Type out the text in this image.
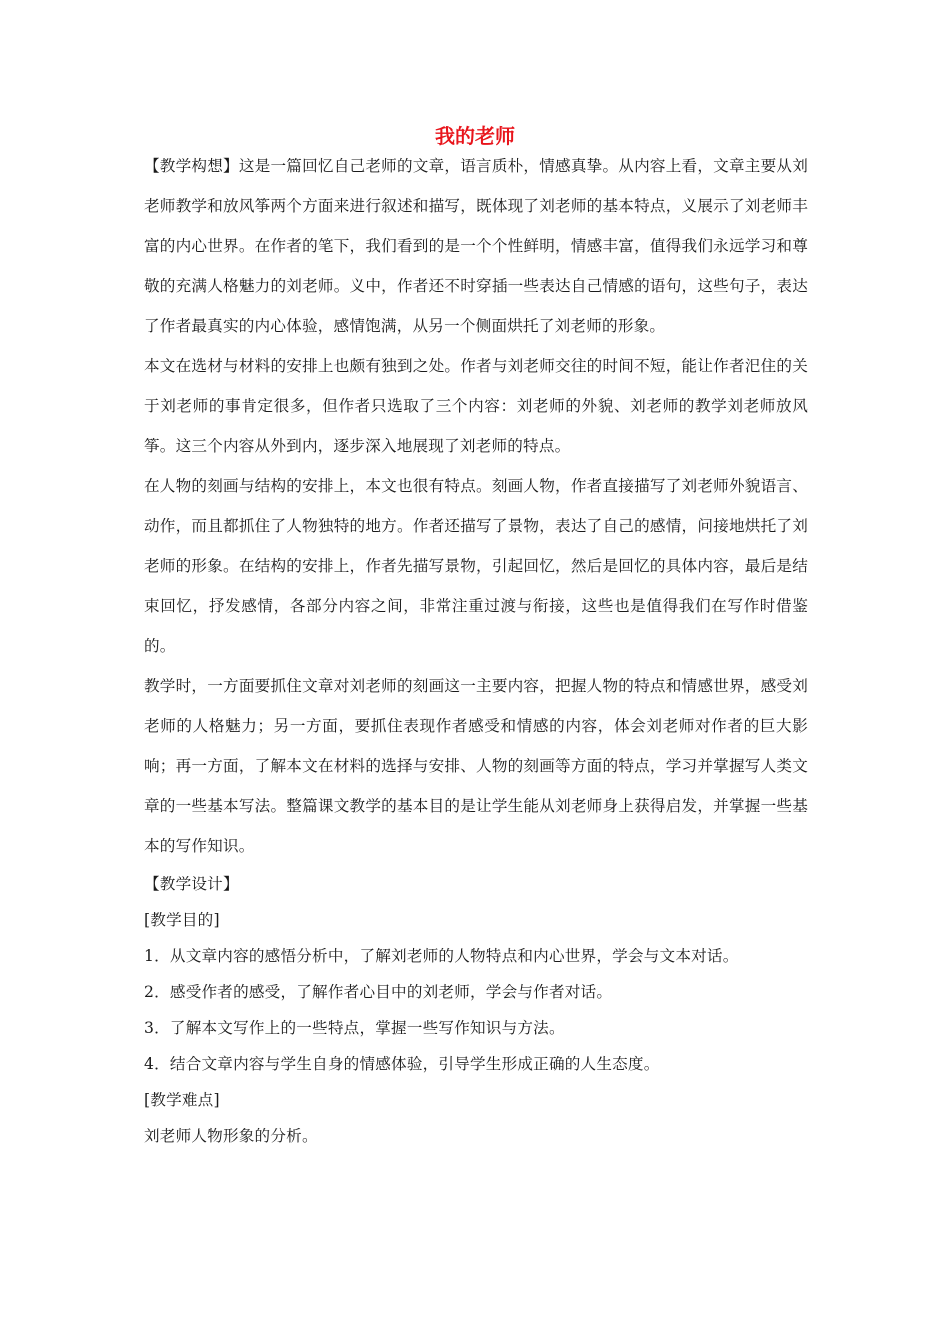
我的老师

【教学构想】这是一篇回忆自己老师的文章，语言质朴，情感真挚。从内容上看，文章主要从刘老师教学和放风筝两个方面来进行叙述和描写，既体现了刘老师的基本特点，义展示了刘老师丰富的内心世界。在作者的笔下，我们看到的是一个个性鲜明，情感丰富，值得我们永远学习和尊敬的充满人格魅力的刘老师。义中，作者还不时穿插一些表达自己情感的语句，这些句子，表达了作者最真实的内心体验，感情饱满，从另一个侧面烘托了刘老师的形象。

本文在选材与材料的安排上也颇有独到之处。作者与刘老师交往的时间不短，能让作者汜住的关于刘老师的事肯定很多，但作者只选取了三个内容：刘老师的外貌、刘老师的教学刘老师放风筝。这三个内容从外到内，逐步深入地展现了刘老师的特点。

在人物的刻画与结构的安排上，本文也很有特点。刻画人物，作者直接描写了刘老师外貌语言、动作，而且都抓住了人物独特的地方。作者还描写了景物，表达了自己的感情，问接地烘托了刘老师的形象。在结构的安排上，作者先描写景物，引起回忆，然后是回忆的具体内容，最后是结束回忆，抒发感情，各部分内容之间，非常注重过渡与衔接，这些也是值得我们在写作时借鉴的。

教学时，一方面要抓住文章对刘老师的刻画这一主要内容，把握人物的特点和情感世界，感受刘老师的人格魅力；另一方面，要抓住表现作者感受和情感的内容，体会刘老师对作者的巨大影响；再一方面，了解本文在材料的选择与安排、人物的刻画等方面的特点，学习并掌握写人类文章的一些基本写法。整篇课文教学的基本目的是让学生能从刘老师身上获得启发，并掌握一些基本的写作知识。

【教学设计】

[教学目的]

1．从文章内容的感悟分析中，了解刘老师的人物特点和内心世界，学会与文本对话。

2．感受作者的感受，了解作者心目中的刘老师，学会与作者对话。

3．了解本文写作上的一些特点，掌握一些写作知识与方法。

4．结合文章内容与学生自身的情感体验，引导学生形成正确的人生态度。

[教学难点]

刘老师人物形象的分析。
